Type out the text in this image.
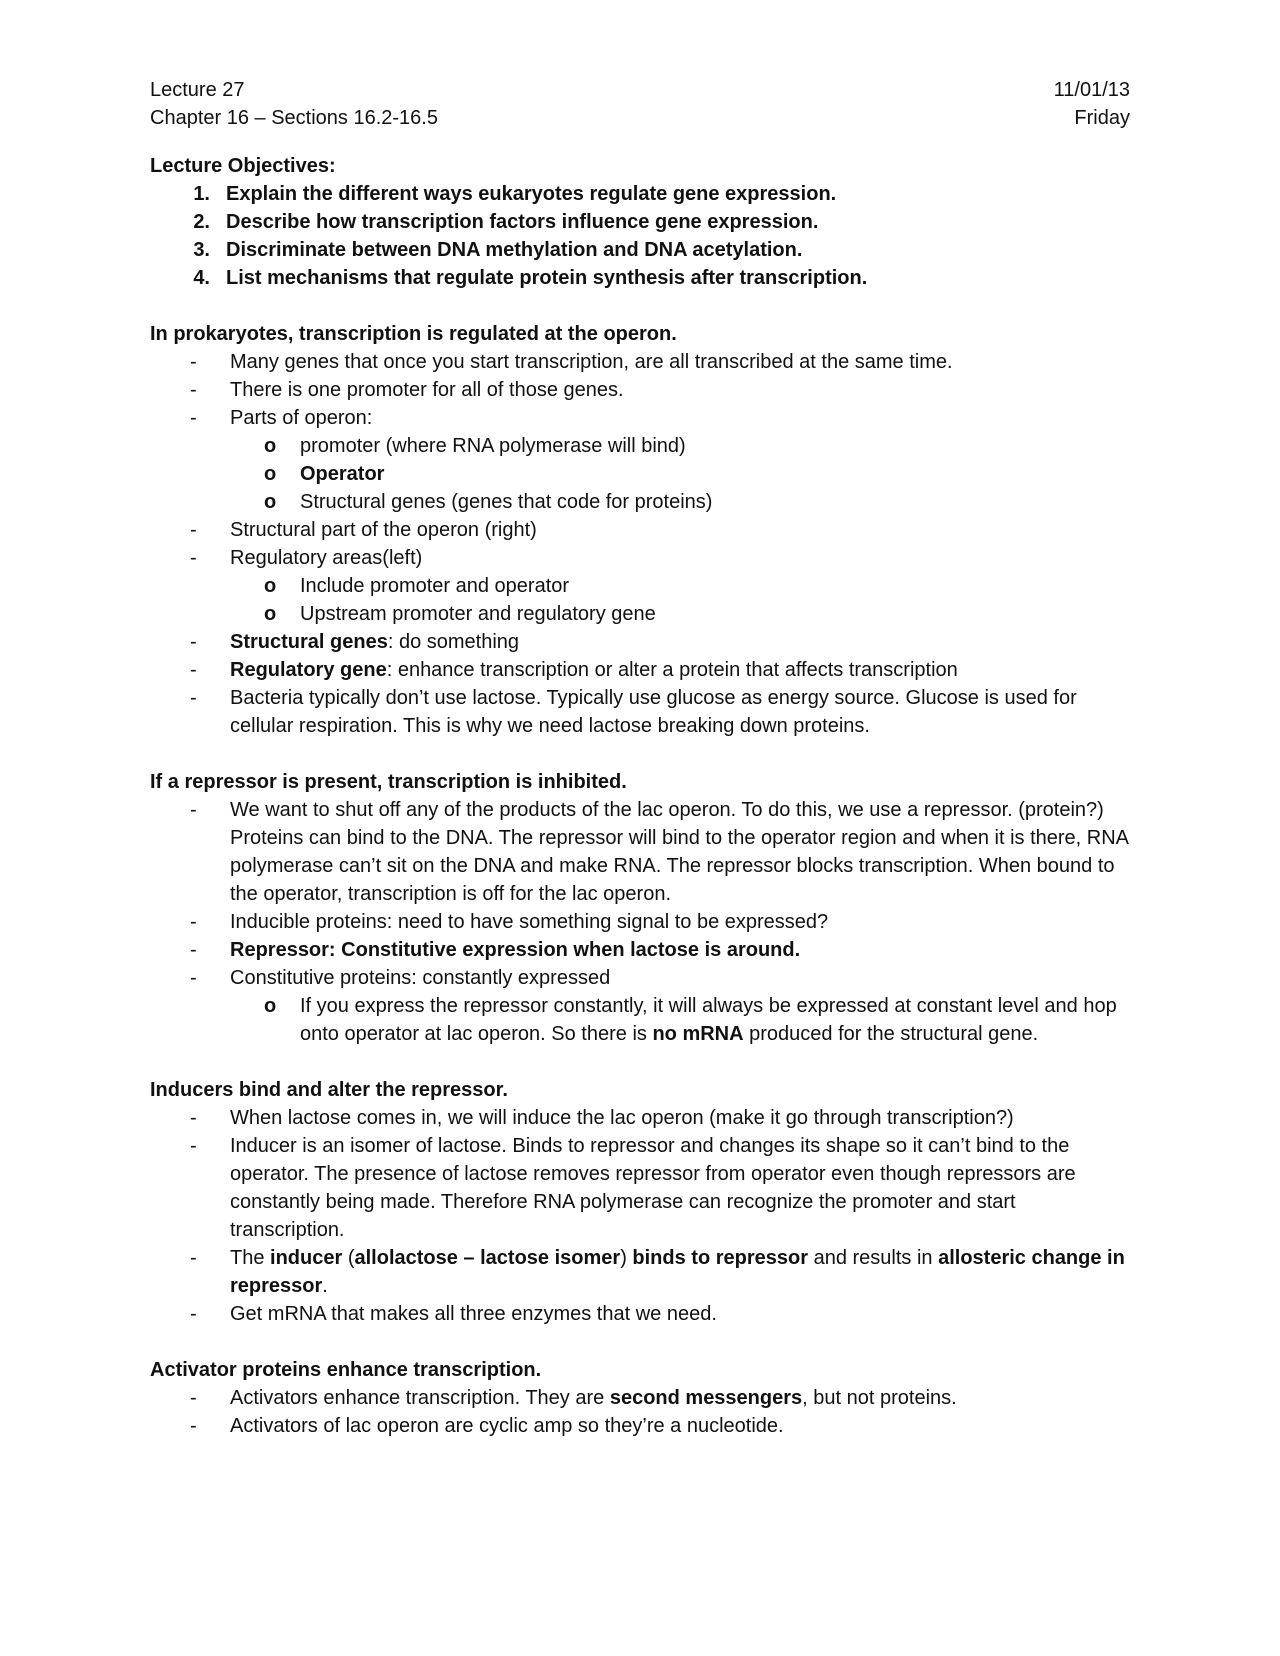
Lecture 27
Chapter 16 – Sections 16.2-16.5
11/01/13
Friday
Lecture Objectives:
1. Explain the different ways eukaryotes regulate gene expression.
2. Describe how transcription factors influence gene expression.
3. Discriminate between DNA methylation and DNA acetylation.
4. List mechanisms that regulate protein synthesis after transcription.
In prokaryotes, transcription is regulated at the operon.
-	Many genes that once you start transcription, are all transcribed at the same time.
-	There is one promoter for all of those genes.
-	Parts of operon:
o	promoter (where RNA polymerase will bind)
o	Operator
o	Structural genes (genes that code for proteins)
-	Structural part of the operon (right)
-	Regulatory areas(left)
o	Include promoter and operator
o	Upstream promoter and regulatory gene
-	Structural genes: do something
-	Regulatory gene: enhance transcription or alter a protein that affects transcription
-	Bacteria typically don’t use lactose. Typically use glucose as energy source. Glucose is used for cellular respiration. This is why we need lactose breaking down proteins.
If a repressor is present, transcription is inhibited.
-	We want to shut off any of the products of the lac operon. To do this, we use a repressor. (protein?) Proteins can bind to the DNA. The repressor will bind to the operator region and when it is there, RNA polymerase can’t sit on the DNA and make RNA. The repressor blocks transcription. When bound to the operator, transcription is off for the lac operon.
-	Inducible proteins: need to have something signal to be expressed?
-	Repressor: Constitutive expression when lactose is around.
-	Constitutive proteins: constantly expressed
o	If you express the repressor constantly, it will always be expressed at constant level and hop onto operator at lac operon. So there is no mRNA produced for the structural gene.
Inducers bind and alter the repressor.
-	When lactose comes in, we will induce the lac operon (make it go through transcription?)
-	Inducer is an isomer of lactose. Binds to repressor and changes its shape so it can’t bind to the operator. The presence of lactose removes repressor from operator even though repressors are constantly being made. Therefore RNA polymerase can recognize the promoter and start transcription.
-	The inducer (allolactose – lactose isomer) binds to repressor and results in allosteric change in repressor.
-	Get mRNA that makes all three enzymes that we need.
Activator proteins enhance transcription.
-	Activators enhance transcription. They are second messengers, but not proteins.
-	Activators of lac operon are cyclic amp so they’re a nucleotide.
